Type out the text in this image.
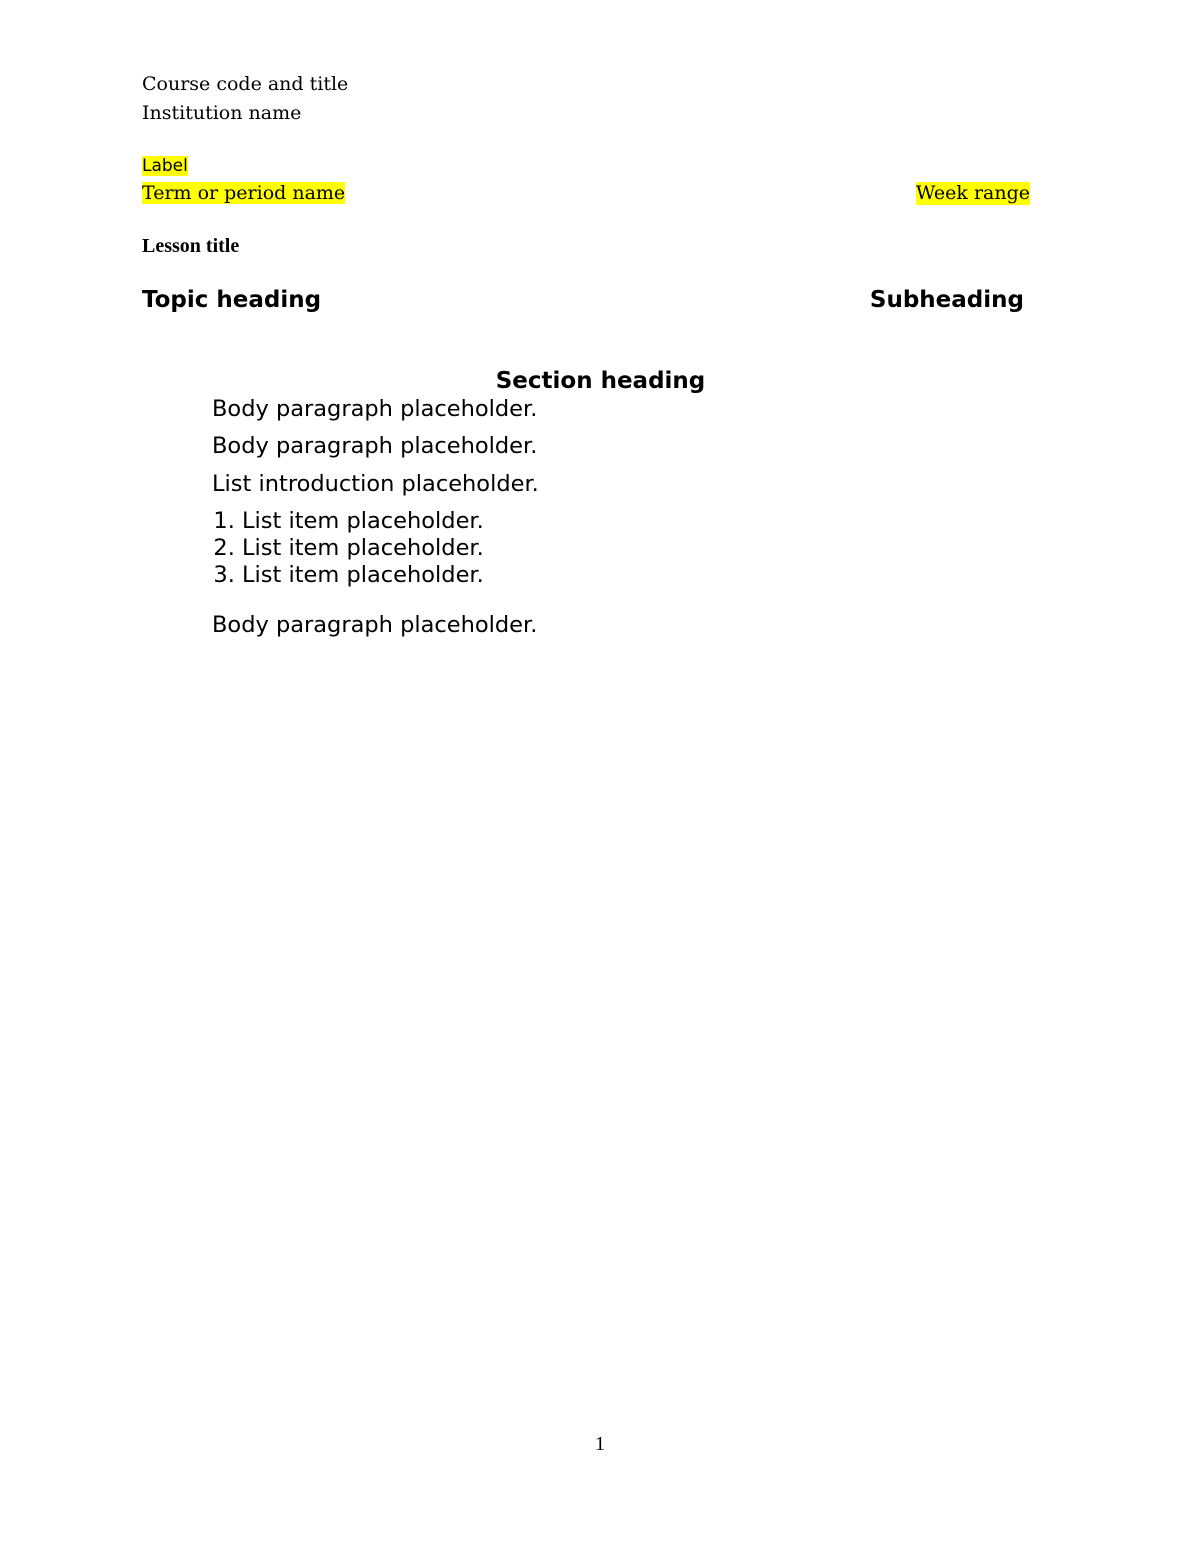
Course code and title
Institution name
Label
Term or period name	Week range
Lesson title
Topic heading	Subheading
Section heading

Body paragraph placeholder.

Body paragraph placeholder.

List introduction placeholder.

1. List item placeholder.
2. List item placeholder.
3. List item placeholder.

Body paragraph placeholder.

1
